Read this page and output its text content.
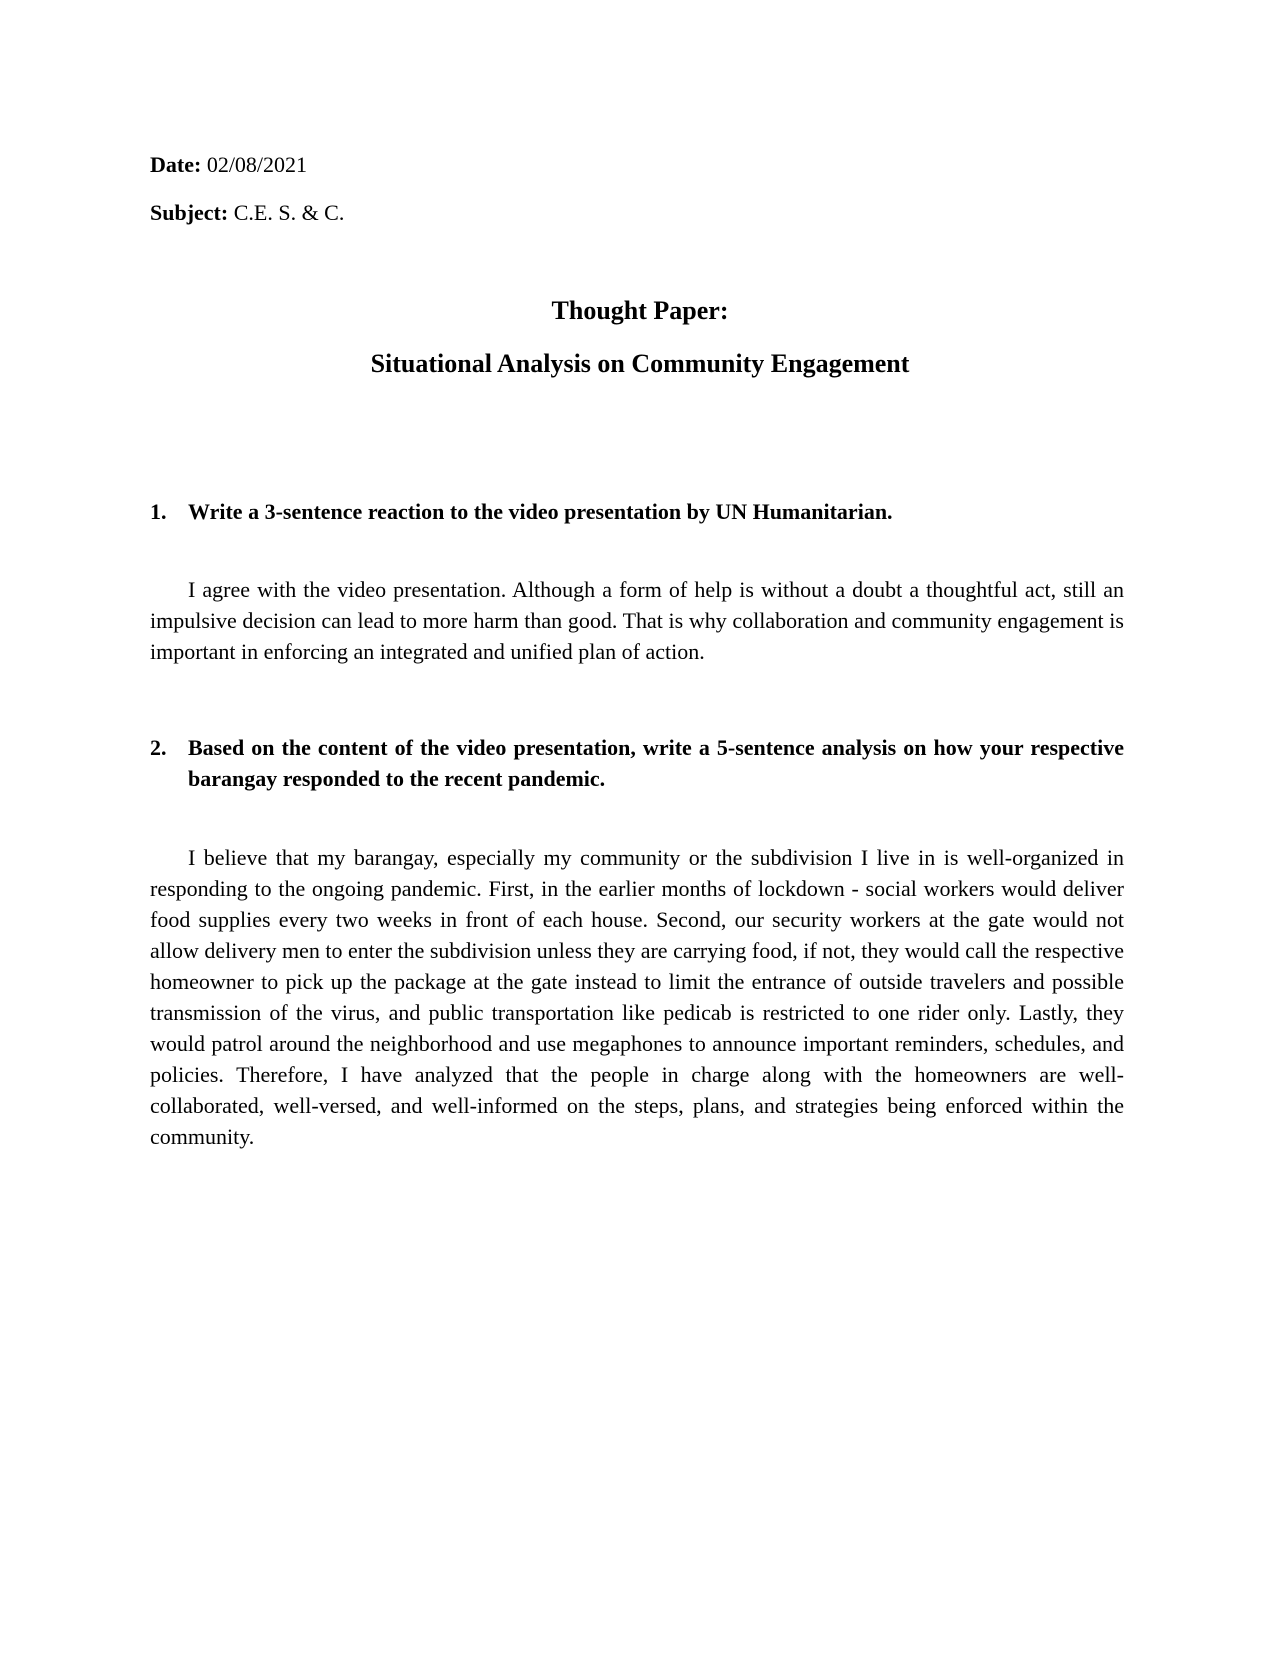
Date: 02/08/2021
Subject: C.E. S. & C.
Thought Paper:
Situational Analysis on Community Engagement
1. Write a 3-sentence reaction to the video presentation by UN Humanitarian.

I agree with the video presentation. Although a form of help is without a doubt a thoughtful act, still an impulsive decision can lead to more harm than good. That is why collaboration and community engagement is important in enforcing an integrated and unified plan of action.

2. Based on the content of the video presentation, write a 5-sentence analysis on how your respective barangay responded to the recent pandemic.

I believe that my barangay, especially my community or the subdivision I live in is well-organized in responding to the ongoing pandemic. First, in the earlier months of lockdown - social workers would deliver food supplies every two weeks in front of each house. Second, our security workers at the gate would not allow delivery men to enter the subdivision unless they are carrying food, if not, they would call the respective homeowner to pick up the package at the gate instead to limit the entrance of outside travelers and possible transmission of the virus, and public transportation like pedicab is restricted to one rider only. Lastly, they would patrol around the neighborhood and use megaphones to announce important reminders, schedules, and policies. Therefore, I have analyzed that the people in charge along with the homeowners are well-collaborated, well-versed, and well-informed on the steps, plans, and strategies being enforced within the community.
